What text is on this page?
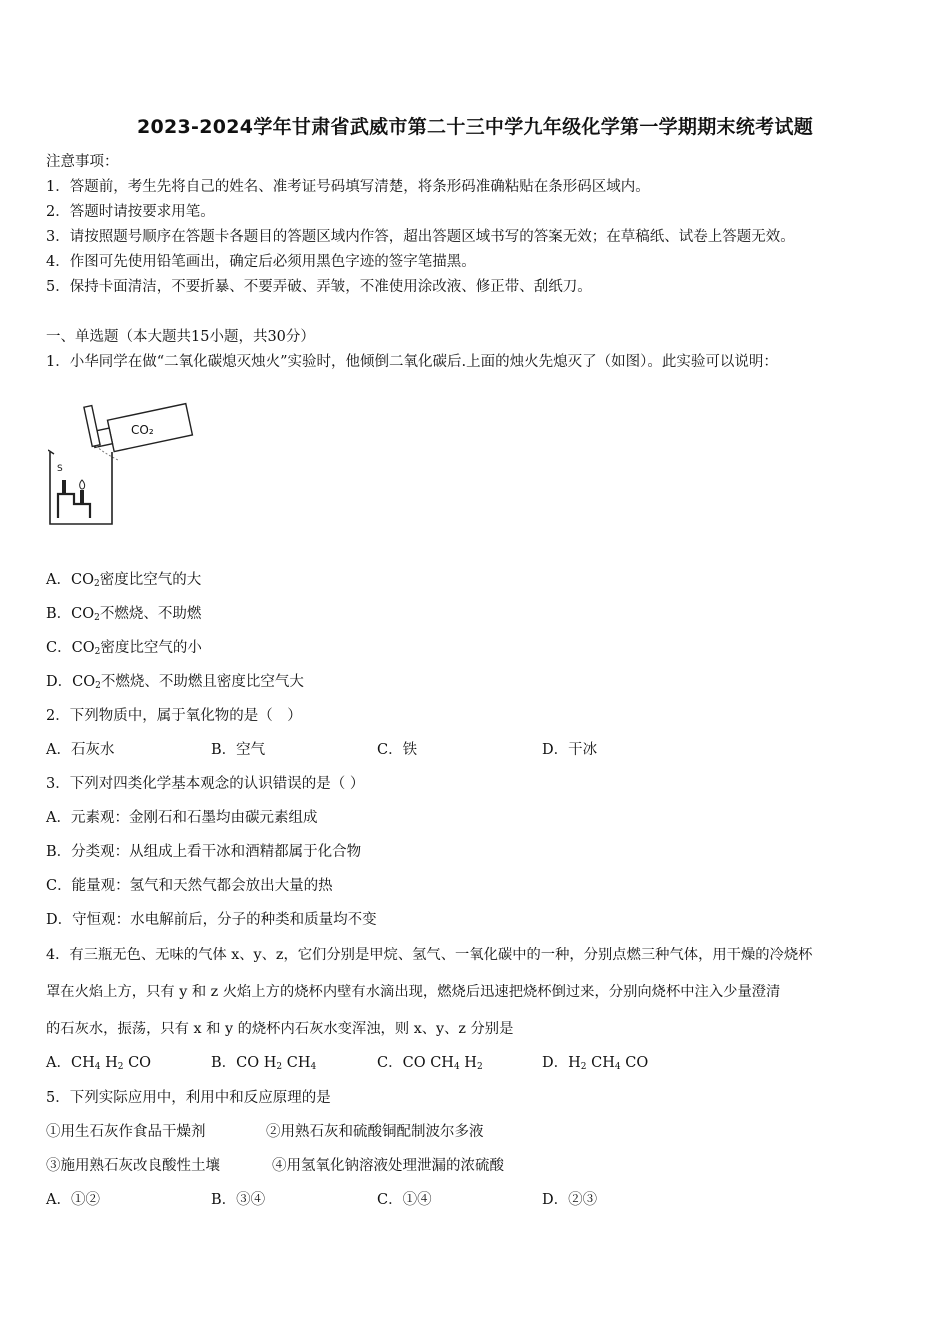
2023-2024学年甘肃省武威市第二十三中学九年级化学第一学期期末统考试题
注意事项：
1．答题前，考生先将自己的姓名、准考证号码填写清楚，将条形码准确粘贴在条形码区域内。
2．答题时请按要求用笔。
3．请按照题号顺序在答题卡各题目的答题区域内作答，超出答题区域书写的答案无效；在草稿纸、试卷上答题无效。
4．作图可先使用铅笔画出，确定后必须用黑色字迹的签字笔描黑。
5．保持卡面清洁，不要折暴、不要弄破、弄皱，不准使用涂改液、修正带、刮纸刀。
一、单选题（本大题共15小题，共30分）
1．小华同学在做“二氧化碳熄灭烛火”实验时，他倾倒二氧化碳后.上面的烛火先熄灭了（如图）。此实验可以说明：
CO₂
S
A．$CO_2$密度比空气的大
B．$CO_2$不燃烧、不助燃
C．$CO_2$密度比空气的小
D．$CO_2$不燃烧、不助燃且密度比空气大
2．下列物质中，属于氧化物的是（　）
A．石灰水	B．空气	C．铁	D．干冰
3．下列对四类化学基本观念的认识错误的是（ ）
A．元素观：金刚石和石墨均由碳元素组成
B．分类观：从组成上看干冰和酒精都属于化合物
C．能量观：氢气和天然气都会放出大量的热
D．守恒观：水电解前后，分子的种类和质量均不变
4．有三瓶无色、无味的气体 x、y、z，它们分别是甲烷、氢气、一氧化碳中的一种，分别点燃三种气体，用干燥的冷烧杯
罩在火焰上方，只有 y 和 z 火焰上方的烧杯内壁有水滴出现，燃烧后迅速把烧杯倒过来，分别向烧杯中注入少量澄清
的石灰水，振荡，只有 x 和 y 的烧杯内石灰水变浑浊，则 x、y、z 分别是
A．$CH_4$ $H_2$ CO	B．CO $H_2$ $CH_4$	C．CO $CH_4$ $H_2$	D．$H_2$ $CH_4$ CO
5．下列实际应用中，利用中和反应原理的是
①用生石灰作食品干燥剂	②用熟石灰和硫酸铜配制波尔多液
③施用熟石灰改良酸性土壤	④用氢氧化钠溶液处理泄漏的浓硫酸
A．①②	B．③④	C．①④	D．②③
